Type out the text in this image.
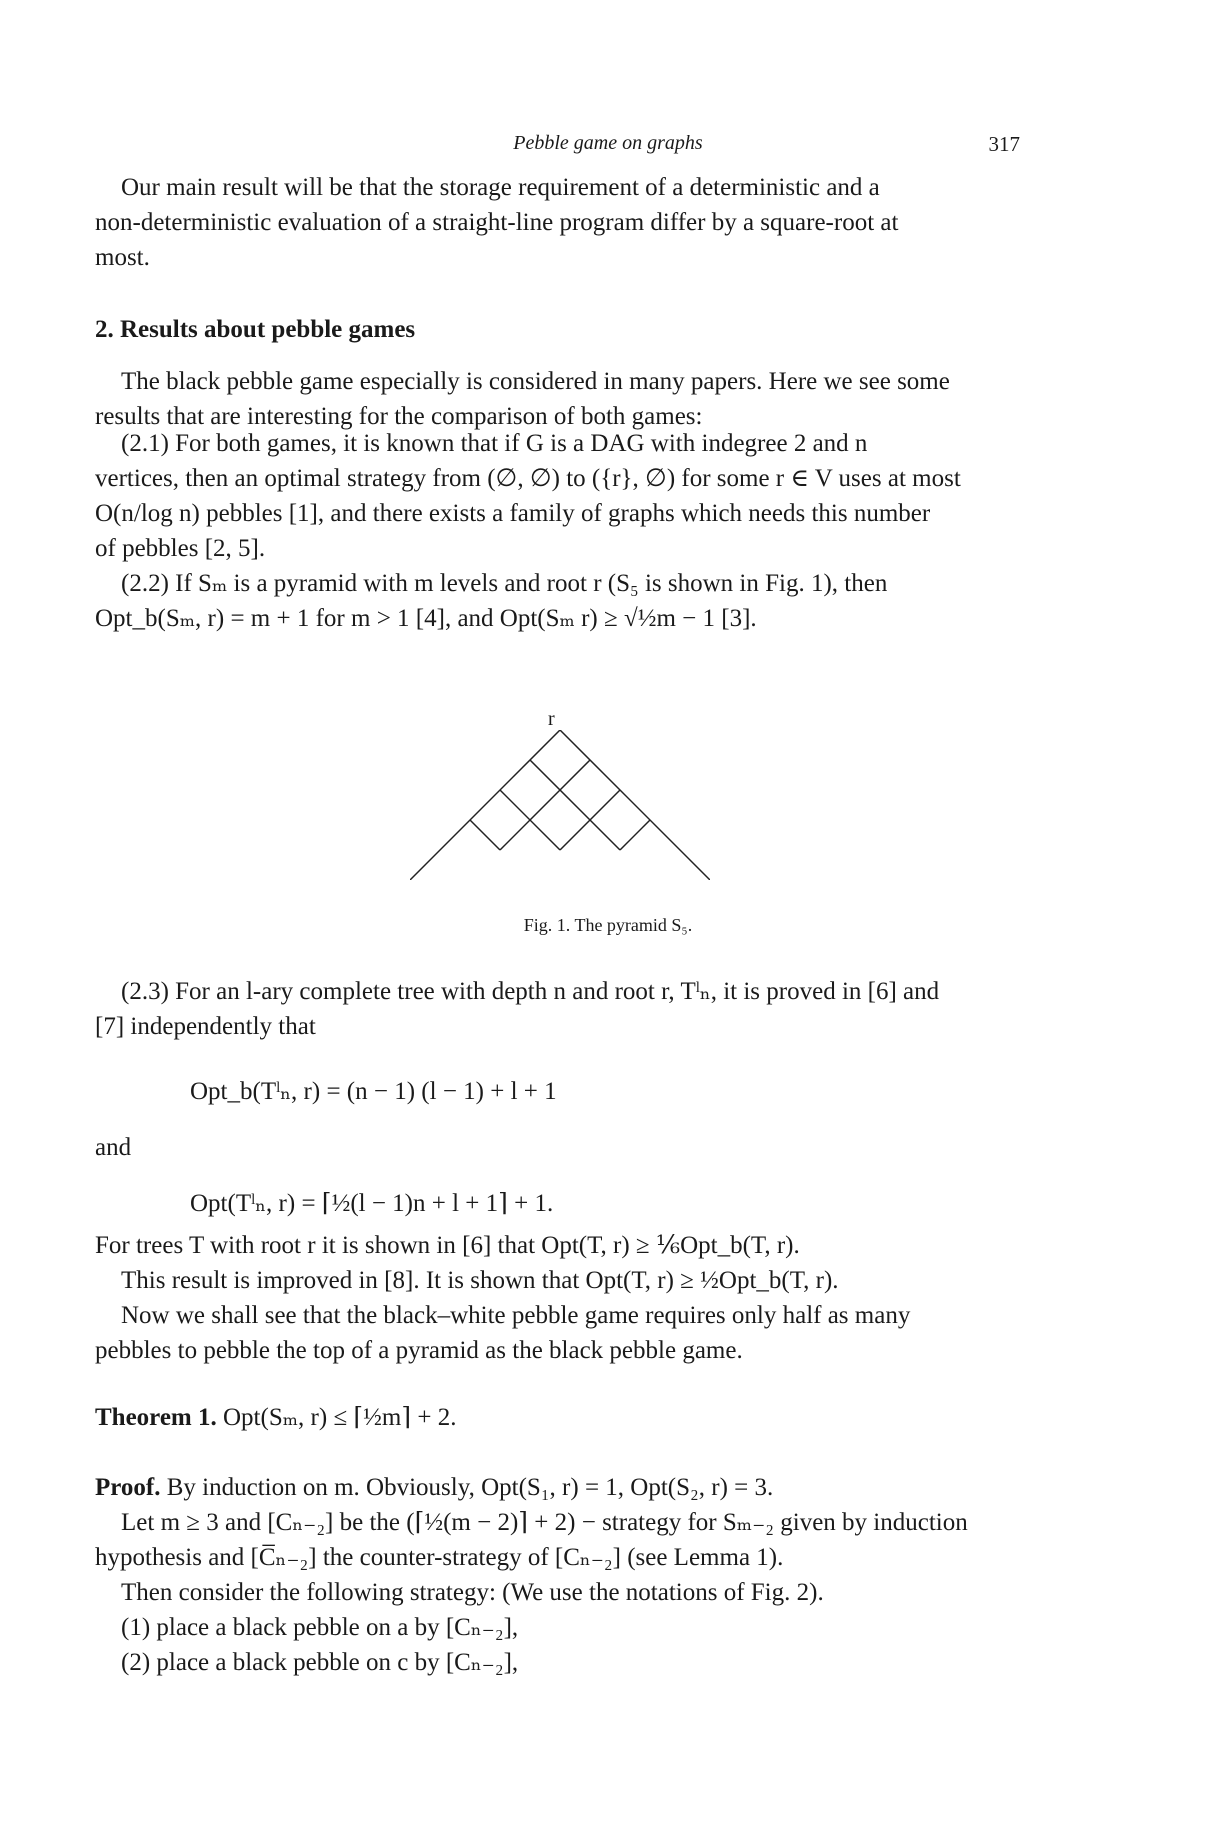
Pebble game on graphs	317
Our main result will be that the storage requirement of a deterministic and a
non-deterministic evaluation of a straight-line program differ by a square-root at
most.
2. Results about pebble games
The black pebble game especially is considered in many papers. Here we see some
results that are interesting for the comparison of both games:
(2.1) For both games, it is known that if G is a DAG with indegree 2 and n
vertices, then an optimal strategy from (∅, ∅) to ({r}, ∅) for some r ∈ V uses at most
O(n/log n) pebbles [1], and there exists a family of graphs which needs this number
of pebbles [2, 5].
(2.2) If Sₘ is a pyramid with m levels and root r (S₅ is shown in Fig. 1), then
Opt_b(Sₘ, r) = m + 1 for m > 1 [4], and Opt(Sₘ r) ≥ √½m − 1 [3].
r
Fig. 1. The pyramid S₅.
(2.3) For an l-ary complete tree with depth n and root r, Tˡₙ, it is proved in [6] and
[7] independently that
Opt_b(Tˡₙ, r) = (n − 1) (l − 1) + l + 1
and
Opt(Tˡₙ, r) = ⌈½(l − 1)n + l + 1⌉ + 1.
For trees T with root r it is shown in [6] that Opt(T, r) ≥ ⅙Opt_b(T, r).
This result is improved in [8]. It is shown that Opt(T, r) ≥ ½Opt_b(T, r).
Now we shall see that the black–white pebble game requires only half as many
pebbles to pebble the top of a pyramid as the black pebble game.
Theorem 1. Opt(Sₘ, r) ≤ ⌈½m⌉ + 2.
Proof. By induction on m. Obviously, Opt(S₁, r) = 1, Opt(S₂, r) = 3.
Let m ≥ 3 and [Cₙ₋₂] be the (⌈½(m − 2)⌉ + 2) − strategy for Sₘ₋₂ given by induction
hypothesis and [C̅ₙ₋₂] the counter-strategy of [Cₙ₋₂] (see Lemma 1).
Then consider the following strategy: (We use the notations of Fig. 2).
(1) place a black pebble on a by [Cₙ₋₂],
(2) place a black pebble on c by [Cₙ₋₂],
